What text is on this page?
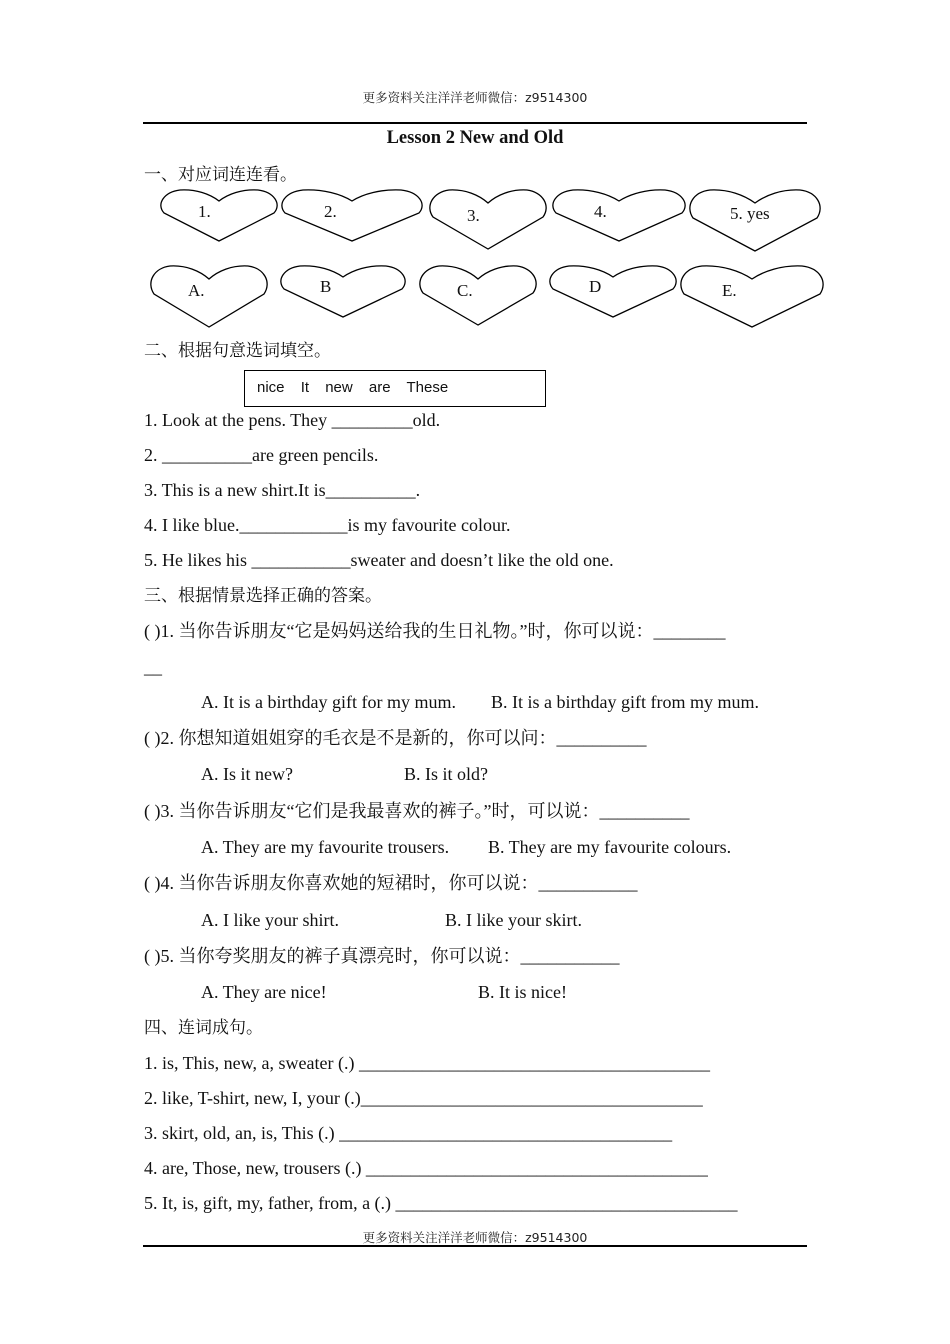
更多资料关注洋洋老师微信：z9514300
Lesson 2 New and Old
一、对应词连连看。
1.	2.	3.	4.	5. yes
A.	B	C.	D	E.
二、根据句意选词填空。
nice It new are These
1. Look at the pens. They _________old.
2. __________are green pencils.
3. This is a new shirt.It is__________.
4. I like blue.____________is my favourite colour.
5. He likes his ___________sweater and doesn’t like the old one.
三、根据情景选择正确的答案。
( )1. 当你告诉朋友“它是妈妈送给我的生日礼物。”时，你可以说：________
__
A. It is a birthday gift for my mum. B. It is a birthday gift from my mum.
( )2. 你想知道姐姐穿的毛衣是不是新的，你可以问：__________
A. Is it new?	B. Is it old?
( )3. 当你告诉朋友“它们是我最喜欢的裤子。”时，可以说：__________
A. They are my favourite trousers. B. They are my favourite colours.
( )4. 当你告诉朋友你喜欢她的短裙时，你可以说：___________
A. I like your shirt.	B. I like your skirt.
( )5. 当你夸奖朋友的裤子真漂亮时，你可以说：___________
A. They are nice!	B. It is nice!
四、连词成句。
1. is, This, new, a, sweater (.) _______________________________________
2. like, T-shirt, new, I, your (.)______________________________________
3. skirt, old, an, is, This (.) _____________________________________
4. are, Those, new, trousers (.) ______________________________________
5. It, is, gift, my, father, from, a (.) ______________________________________
更多资料关注洋洋老师微信：z9514300
